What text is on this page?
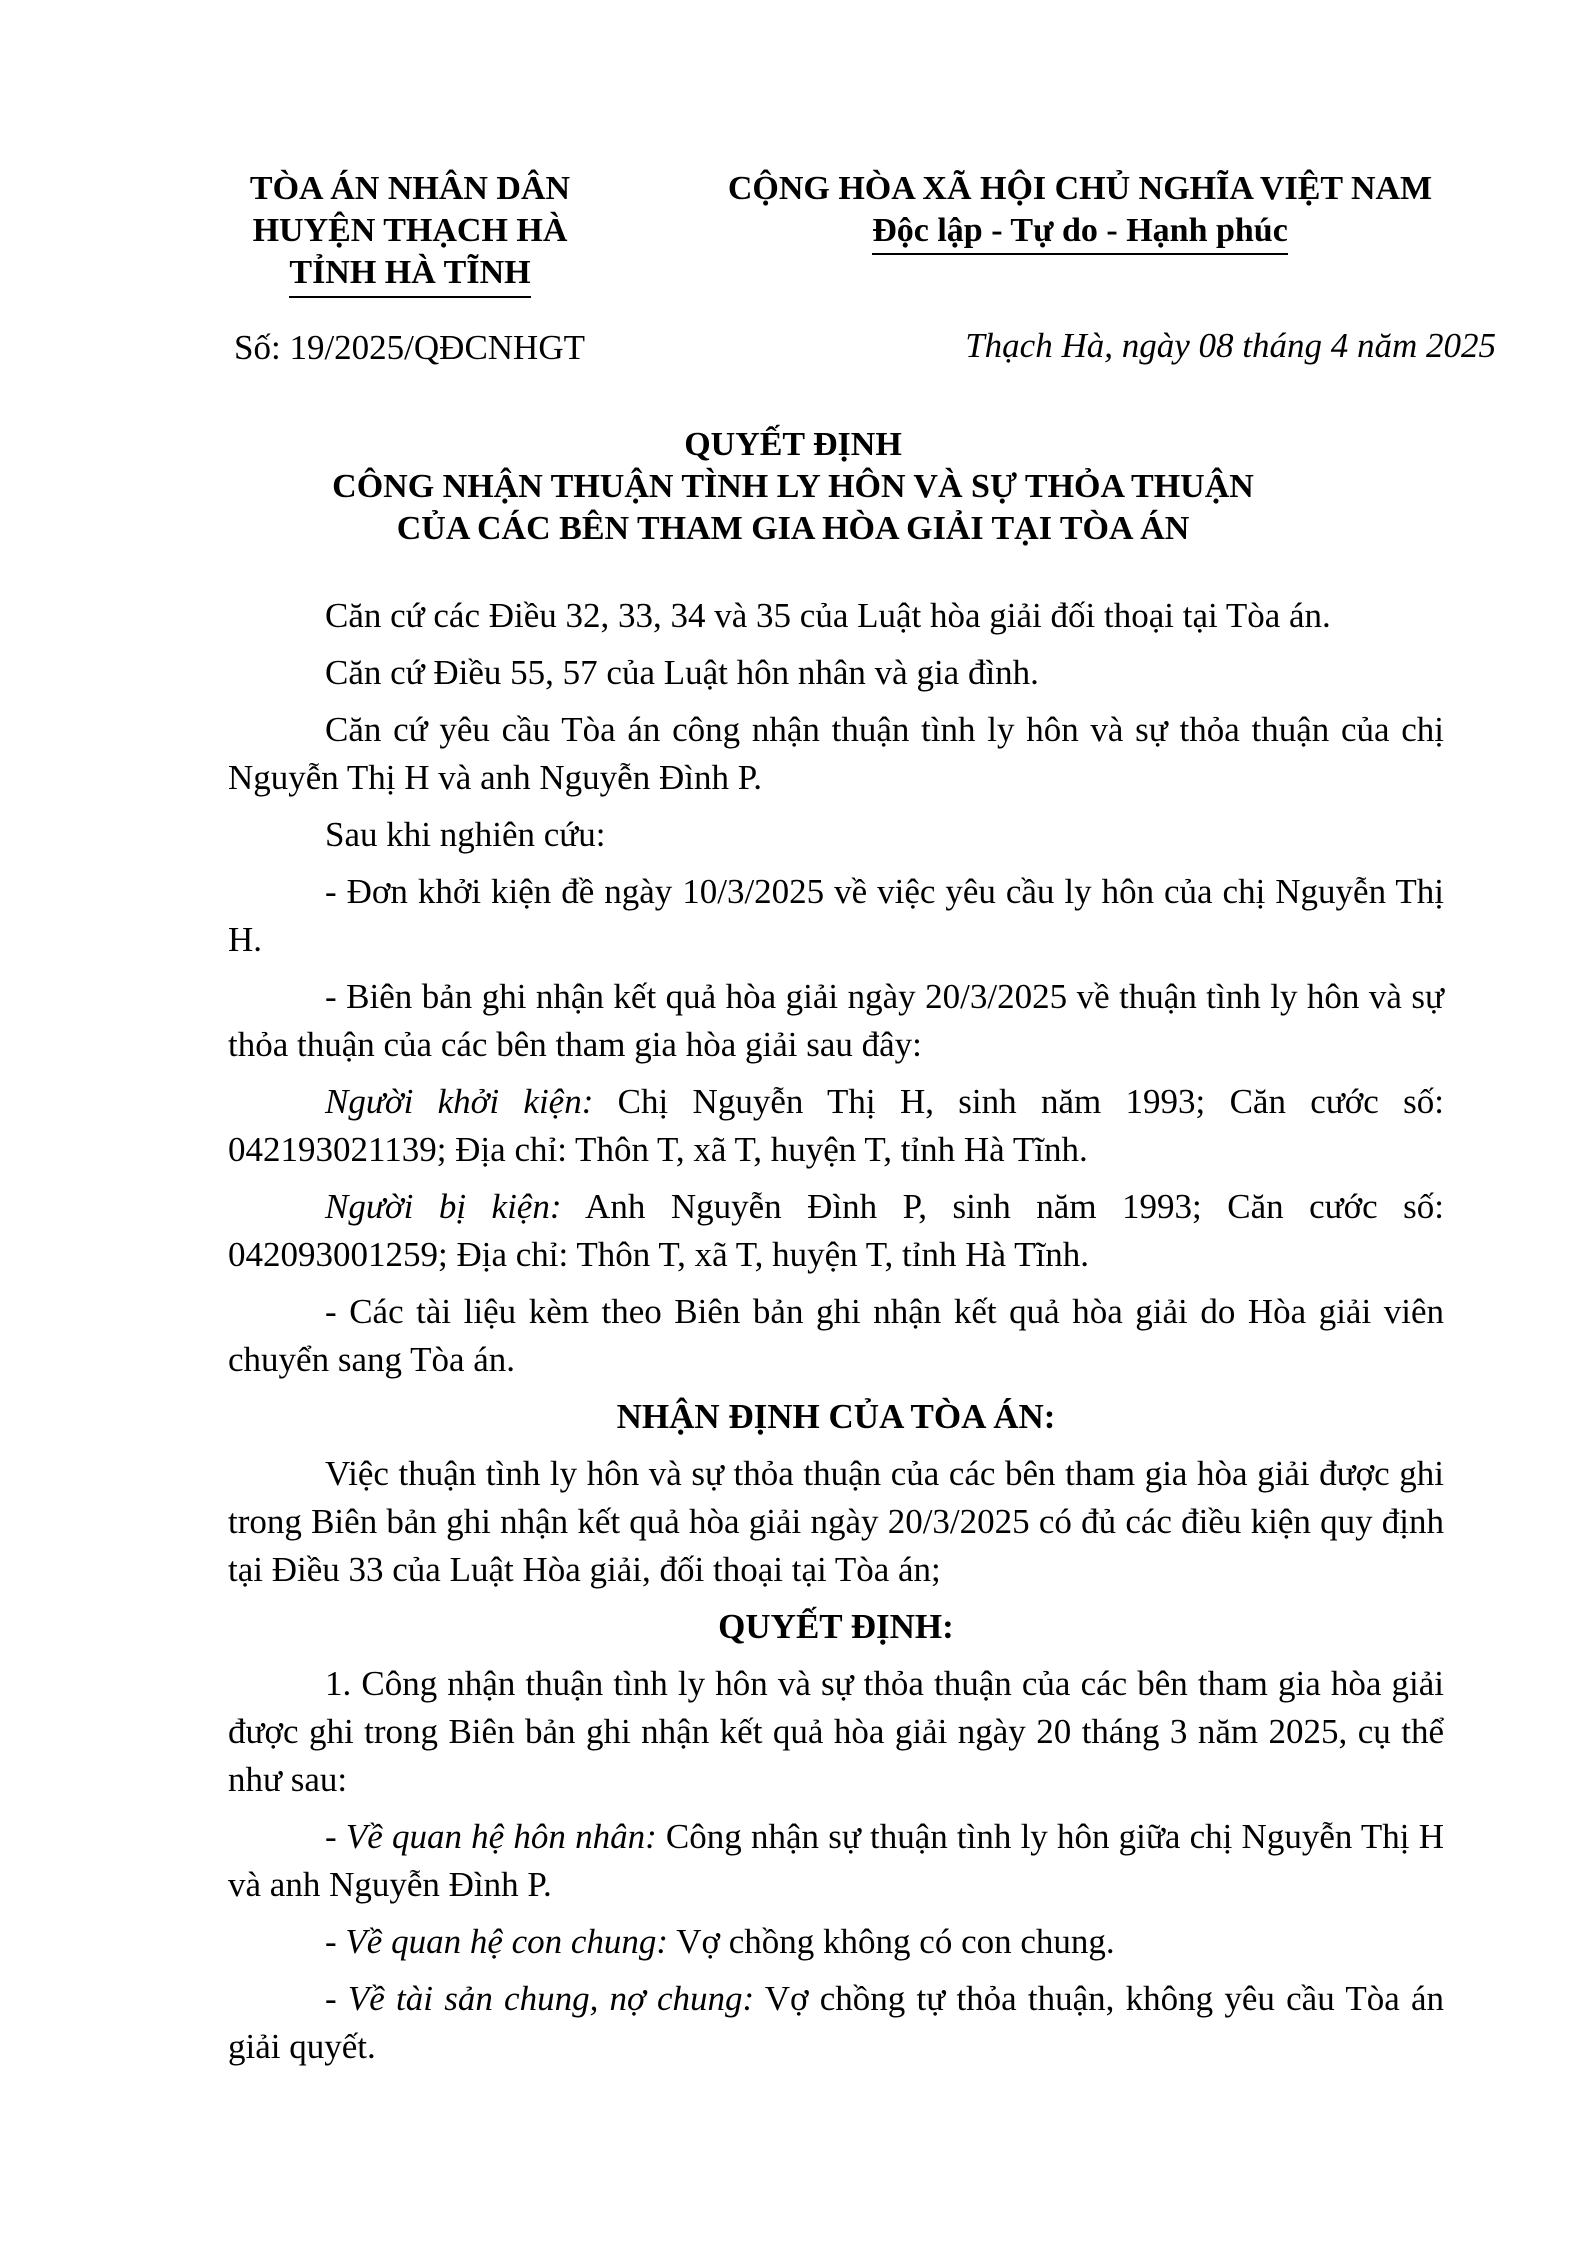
TÒA ÁN NHÂN DÂN
HUYỆN THẠCH HÀ
TỈNH HÀ TĨNH
CỘNG HÒA XÃ HỘI CHỦ NGHĨA VIỆT NAM
Độc lập - Tự do - Hạnh phúc
Số: 19/2025/QĐCNHGT	Thạch Hà, ngày 08 tháng 4 năm 2025
QUYẾT ĐỊNH
CÔNG NHẬN THUẬN TÌNH LY HÔN VÀ SỰ THỎA THUẬN
CỦA CÁC BÊN THAM GIA HÒA GIẢI TẠI TÒA ÁN

Căn cứ các Điều 32, 33, 34 và 35 của Luật hòa giải đối thoại tại Tòa án.

Căn cứ Điều 55, 57 của Luật hôn nhân và gia đình.

Căn cứ yêu cầu Tòa án công nhận thuận tình ly hôn và sự thỏa thuận của chị Nguyễn Thị H và anh Nguyễn Đình P.

Sau khi nghiên cứu:

- Đơn khởi kiện đề ngày 10/3/2025 về việc yêu cầu ly hôn của chị Nguyễn Thị H.

- Biên bản ghi nhận kết quả hòa giải ngày 20/3/2025 về thuận tình ly hôn và sự thỏa thuận của các bên tham gia hòa giải sau đây:

Người khởi kiện: Chị Nguyễn Thị H, sinh năm 1993; Căn cước số: 042193021139; Địa chỉ: Thôn T, xã T, huyện T, tỉnh Hà Tĩnh.

Người bị kiện: Anh Nguyễn Đình P, sinh năm 1993; Căn cước số: 042093001259; Địa chỉ: Thôn T, xã T, huyện T, tỉnh Hà Tĩnh.

- Các tài liệu kèm theo Biên bản ghi nhận kết quả hòa giải do Hòa giải viên chuyển sang Tòa án.

NHẬN ĐỊNH CỦA TÒA ÁN:

Việc thuận tình ly hôn và sự thỏa thuận của các bên tham gia hòa giải được ghi trong Biên bản ghi nhận kết quả hòa giải ngày 20/3/2025 có đủ các điều kiện quy định tại Điều 33 của Luật Hòa giải, đối thoại tại Tòa án;

QUYẾT ĐỊNH:

1. Công nhận thuận tình ly hôn và sự thỏa thuận của các bên tham gia hòa giải được ghi trong Biên bản ghi nhận kết quả hòa giải ngày 20 tháng 3 năm 2025, cụ thể như sau:

- Về quan hệ hôn nhân: Công nhận sự thuận tình ly hôn giữa chị Nguyễn Thị H và anh Nguyễn Đình P.

- Về quan hệ con chung: Vợ chồng không có con chung.

- Về tài sản chung, nợ chung: Vợ chồng tự thỏa thuận, không yêu cầu Tòa án giải quyết.
